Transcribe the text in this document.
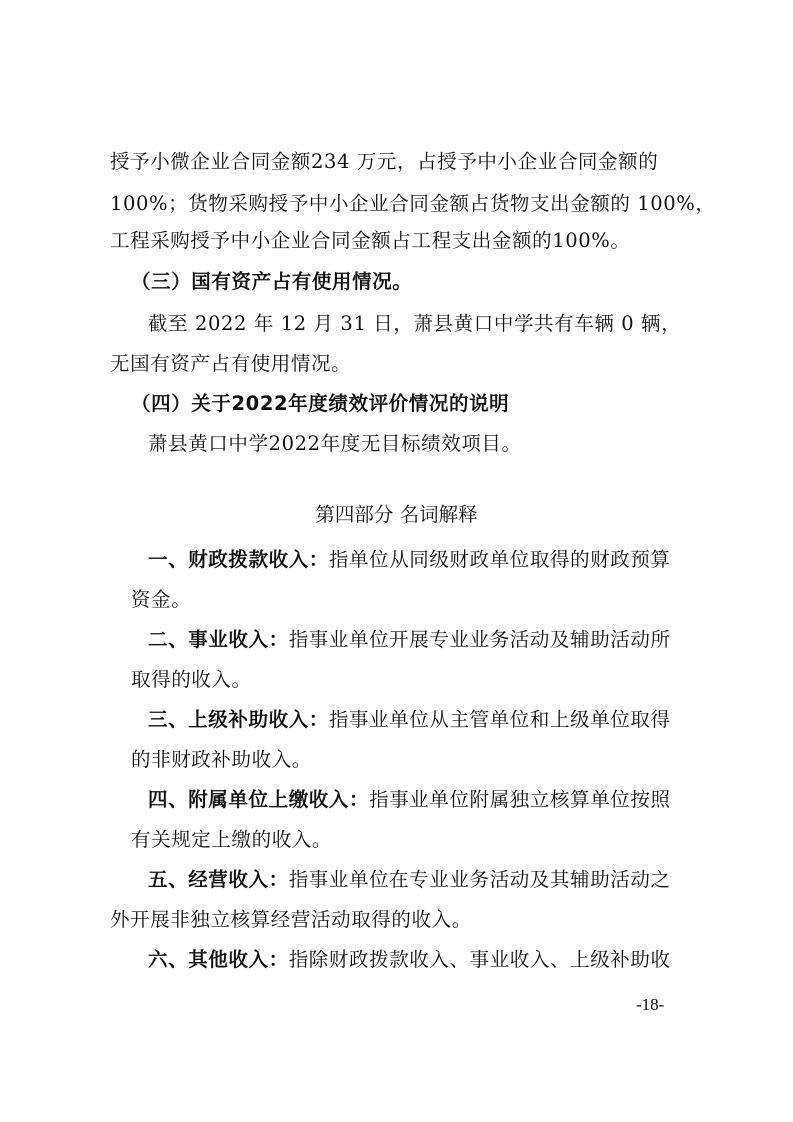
授予小微企业合同金额234 万元，占授予中小企业合同金额的
100%；货物采购授予中小企业合同金额占货物支出金额的 100%，
工程采购授予中小企业合同金额占工程支出金额的100%。
（三）国有资产占有使用情况。
截至 2022 年 12 月 31 日，萧县黄口中学共有车辆 0 辆，
无国有资产占有使用情况。
（四）关于2022年度绩效评价情况的说明
萧县黄口中学2022年度无目标绩效项目。
第四部分 名词解释
一、财政拨款收入：指单位从同级财政单位取得的财政预算
资金。
二、事业收入：指事业单位开展专业业务活动及辅助活动所
取得的收入。
三、上级补助收入：指事业单位从主管单位和上级单位取得
的非财政补助收入。
四、附属单位上缴收入：指事业单位附属独立核算单位按照
有关规定上缴的收入。
五、经营收入：指事业单位在专业业务活动及其辅助活动之
外开展非独立核算经营活动取得的收入。
六、其他收入：指除财政拨款收入、事业收入、上级补助收
-18-
